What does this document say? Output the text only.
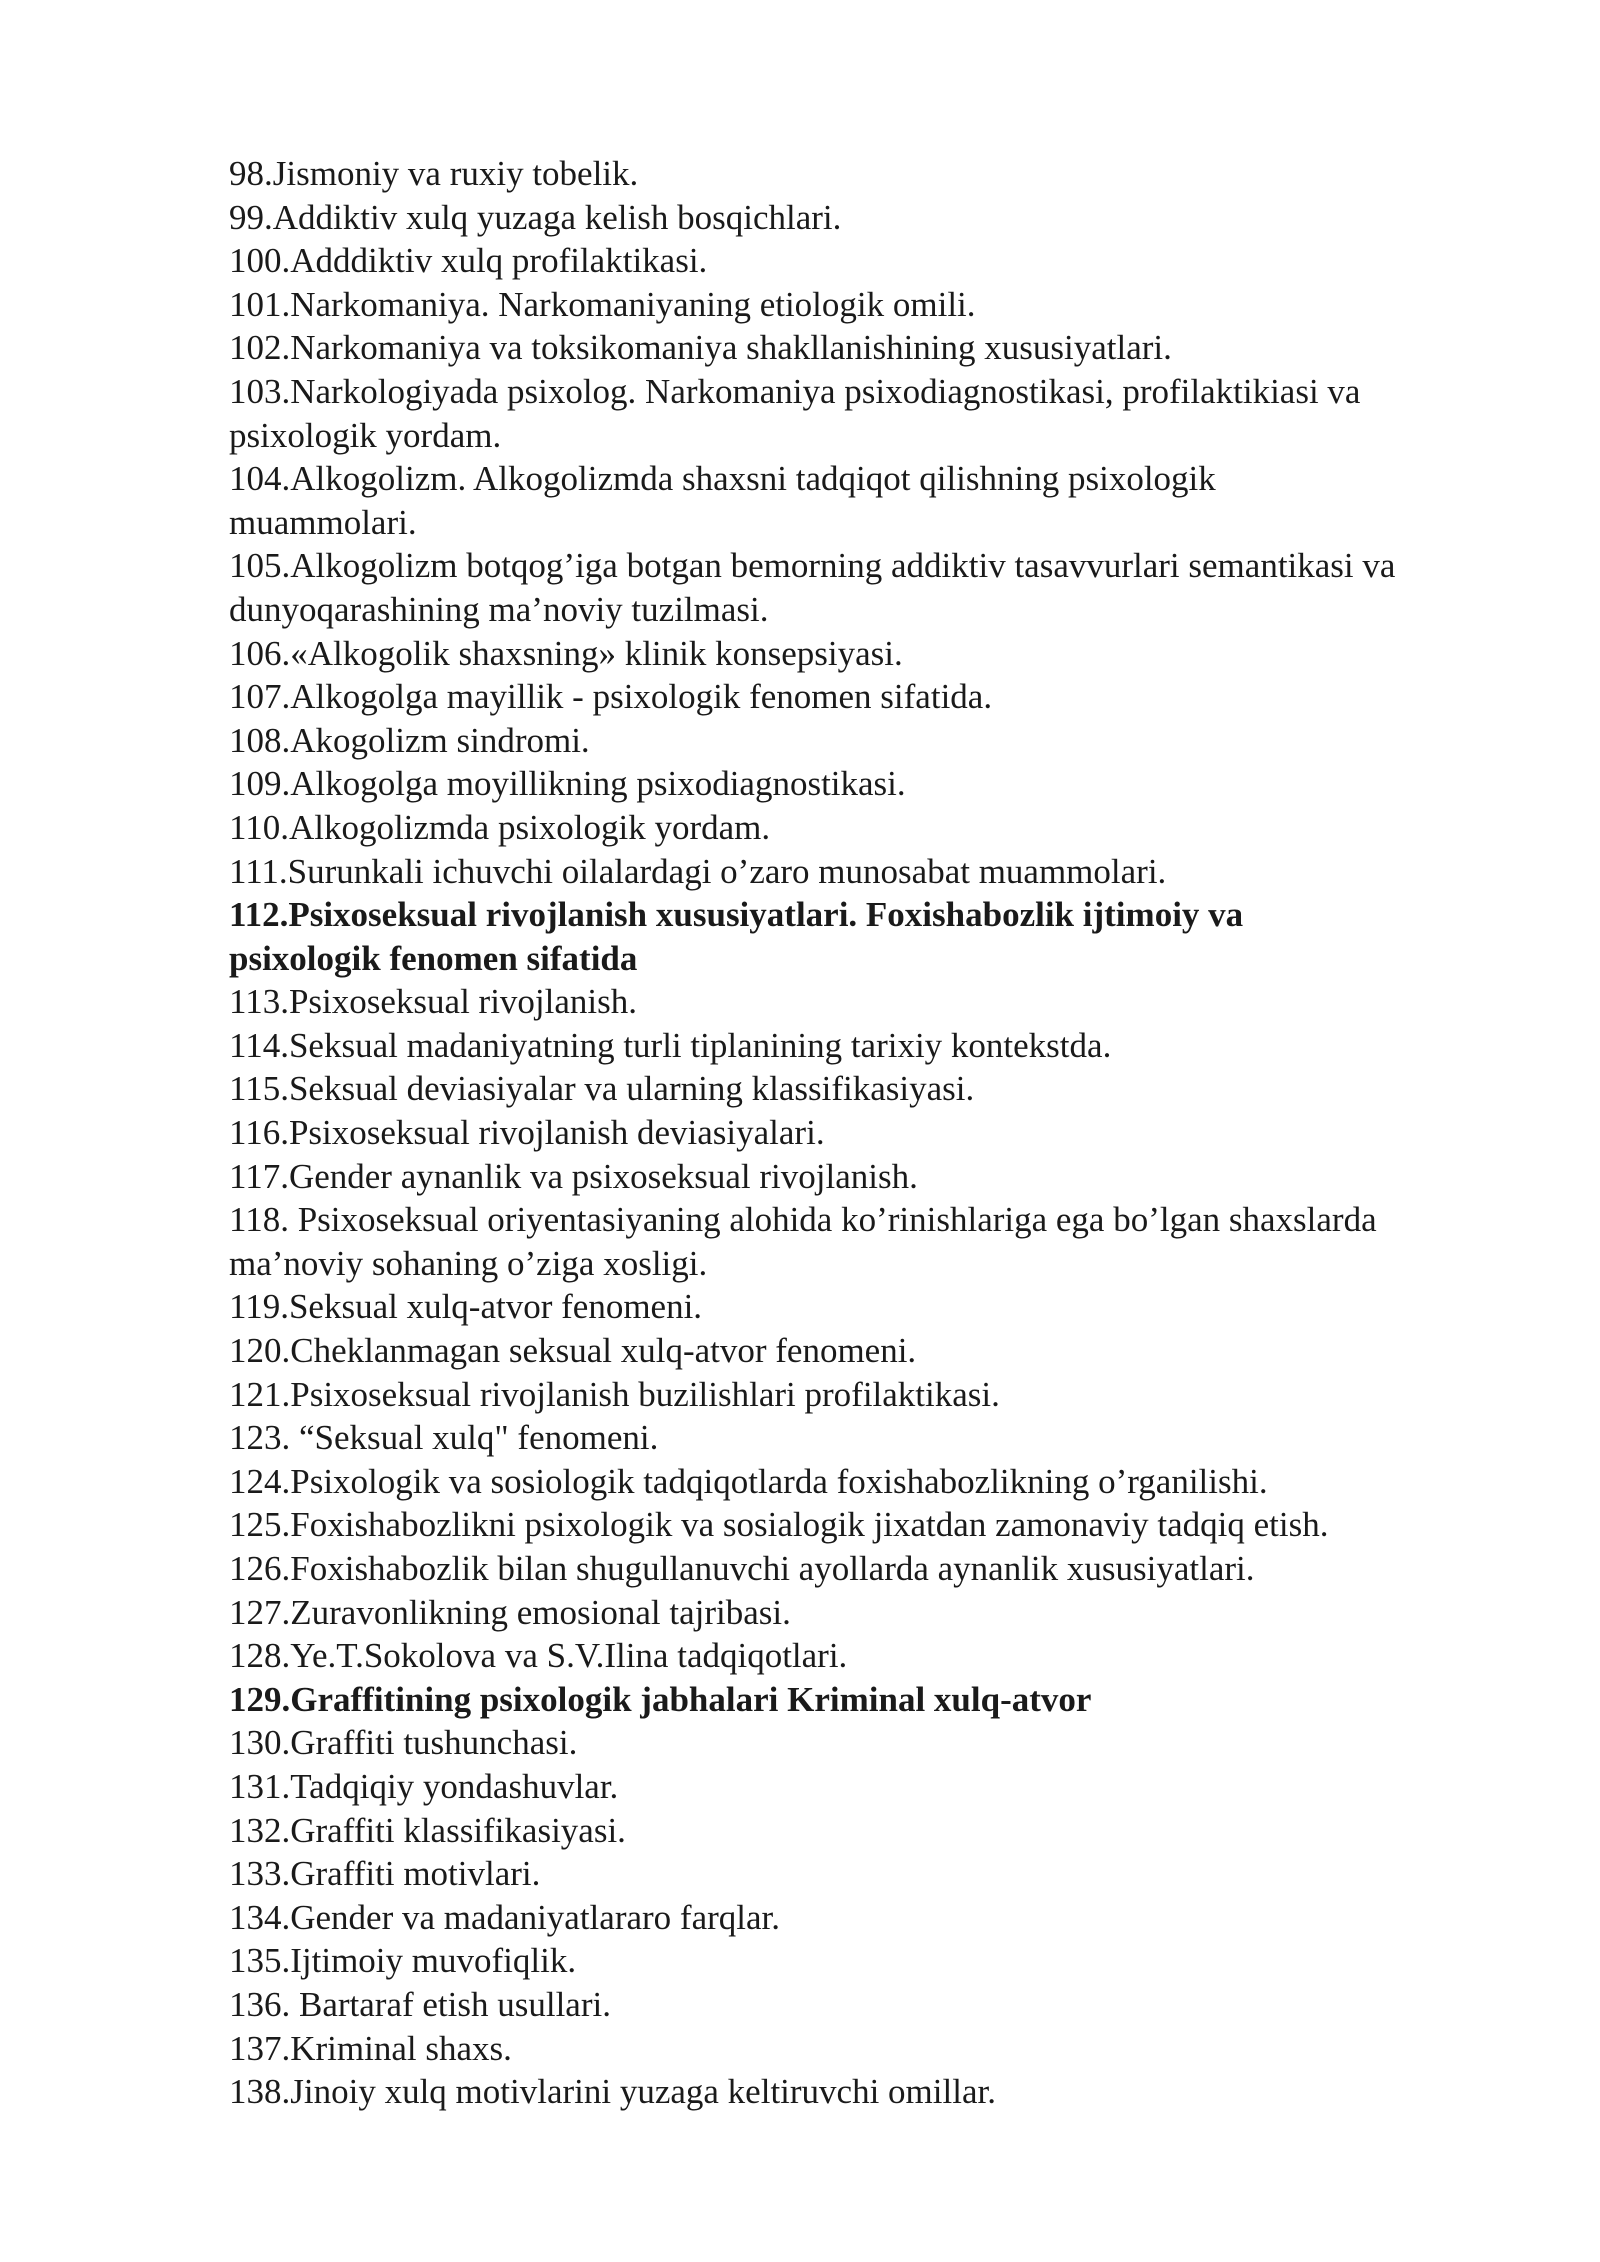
98.Jismoniy va ruxiy tobelik.

99.Addiktiv xulq yuzaga kelish bosqichlari.

100.Adddiktiv xulq profilaktikasi.

101.Narkomaniya. Narkomaniyaning etiologik omili.

102.Narkomaniya va toksikomaniya shakllanishining xususiyatlari.

103.Narkologiyada psixolog. Narkomaniya psixodiagnostikasi, profilaktikiasi va

psixologik yordam.

104.Alkogolizm. Alkogolizmda shaxsni tadqiqot qilishning psixologik

muammolari.

105.Alkogolizm botqog’iga botgan bemorning addiktiv tasavvurlari semantikasi va

dunyoqarashining ma’noviy tuzilmasi.

106.«Alkogolik shaxsning» klinik konsepsiyasi.

107.Alkogolga mayillik - psixologik fenomen sifatida.

108.Akogolizm sindromi.

109.Alkogolga moyillikning psixodiagnostikasi.

110.Alkogolizmda psixologik yordam.

111.Surunkali ichuvchi oilalardagi o’zaro munosabat muammolari.

112.Psixoseksual rivojlanish xususiyatlari. Foxishabozlik ijtimoiy va

psixologik fenomen sifatida

113.Psixoseksual rivojlanish.

114.Seksual madaniyatning turli tiplanining tarixiy kontekstda.

115.Seksual deviasiyalar va ularning klassifikasiyasi.

116.Psixoseksual rivojlanish deviasiyalari.

117.Gender aynanlik va psixoseksual rivojlanish.

118. Psixoseksual oriyentasiyaning alohida ko’rinishlariga ega bo’lgan shaxslarda

ma’noviy sohaning o’ziga xosligi.

119.Seksual xulq-atvor fenomeni.

120.Cheklanmagan seksual xulq-atvor fenomeni.

121.Psixoseksual rivojlanish buzilishlari profilaktikasi.

123. “Seksual xulq" fenomeni.

124.Psixologik va sosiologik tadqiqotlarda foxishabozlikning o’rganilishi.

125.Foxishabozlikni psixologik va sosialogik jixatdan zamonaviy tadqiq etish.

126.Foxishabozlik bilan shugullanuvchi ayollarda aynanlik xususiyatlari.

127.Zuravonlikning emosional tajribasi.

128.Ye.T.Sokolova va S.V.Ilina tadqiqotlari.

129.Graffitining psixologik jabhalari Kriminal xulq-atvor

130.Graffiti tushunchasi.

131.Tadqiqiy yondashuvlar.

132.Graffiti klassifikasiyasi.

133.Graffiti motivlari.

134.Gender va madaniyatlararo farqlar.

135.Ijtimoiy muvofiqlik.

136. Bartaraf etish usullari.

137.Kriminal shaxs.

138.Jinoiy xulq motivlarini yuzaga keltiruvchi omillar.
